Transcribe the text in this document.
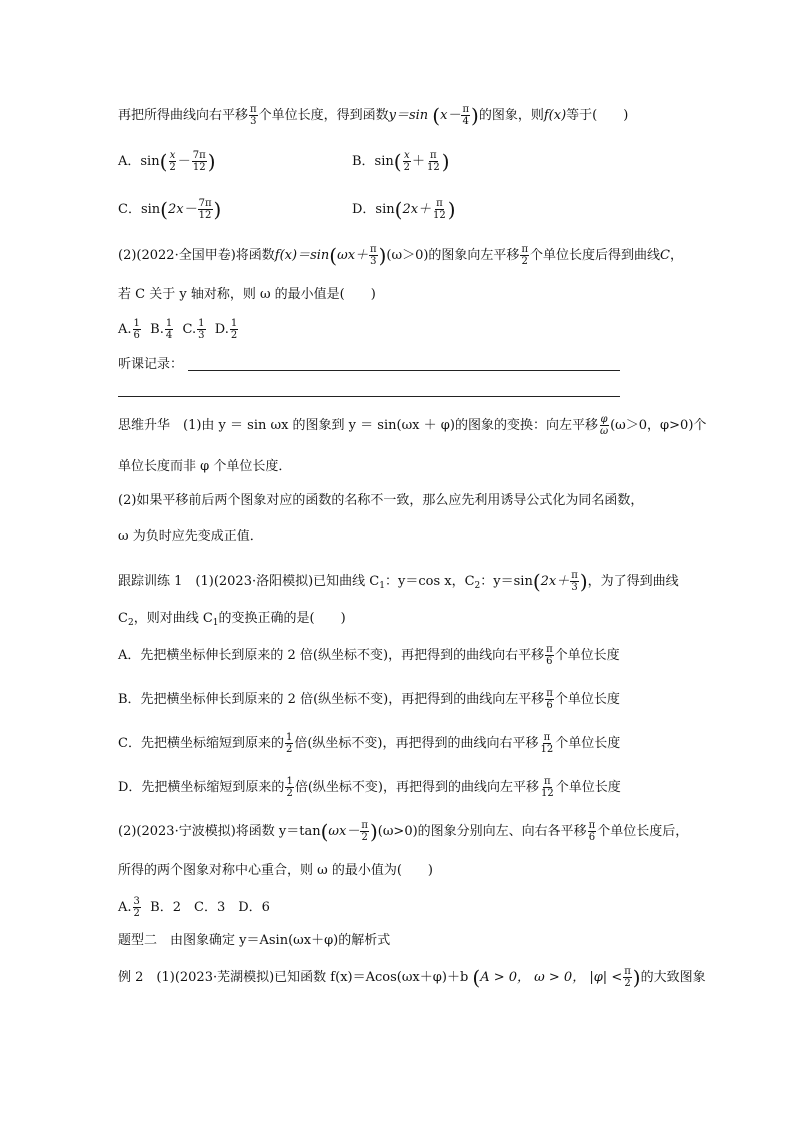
再把所得曲线向右平移 $\frac{\pi}{3}$ 个单位长度，得到函数y＝sin ($x- \frac{\pi}{4}$ )的图象，则f(x)等于(　　)
A．$\sin( \frac{x}{2} - \frac{7\pi}{12}$ )	B．$\sin( \frac{x}{2} + \frac{\pi}{12}$ )
C．$\sin(2x- \frac{7\pi}{12}$ )	D．$\sin(2x+ \frac{\pi}{12}$ )
(2)(2022·全国甲卷)将函数$f(x)=\sin(\omega x+ \frac{\pi}{3} )(\omega>0)$的图象向左平移 $\frac{\pi}{2}$ 个单位长度后得到曲线C，
若 C 关于 y 轴对称，则 ω 的最小值是(　　)
A. $\frac{1}{6} B$. $\frac{1}{4} C$. $\frac{1}{3} D$. $\frac{1}{2}$
听课记录：
思维升华　(1)由 y ＝ sin ωx 的图象到 y ＝ sin(ωx ＋ φ)的图象的变换：向左平移 $\frac{\varphi}{\omega} (\omega>0$，φ>0)个
单位长度而非 φ 个单位长度．
(2)如果平移前后两个图象对应的函数的名称不一致，那么应先利用诱导公式化为同名函数，
ω 为负时应先变成正值．
跟踪训练 1　(1)(2023·洛阳模拟)已知曲线 $C_1$：y＝cos x，$C_2$：$y=\sin(2x+ \frac{\pi}{3}$ )，为了得到曲线
$C_2$，则对曲线 $C_1$的变换正确的是(　　)
A．先把横坐标伸长到原来的 2 倍(纵坐标不变)，再把得到的曲线向右平移 $\frac{\pi}{6}$ 个单位长度
B．先把横坐标伸长到原来的 2 倍(纵坐标不变)，再把得到的曲线向左平移 $\frac{\pi}{6}$ 个单位长度
C．先把横坐标缩短到原来的 $\frac{1}{2}$ 倍(纵坐标不变)，再把得到的曲线向右平移 $\frac{\pi}{12}$ 个单位长度
D．先把横坐标缩短到原来的 $\frac{1}{2}$ 倍(纵坐标不变)，再把得到的曲线向左平移 $\frac{\pi}{12}$ 个单位长度
(2)(2023·宁波模拟)将函数 $y=\tan(\omega x- \frac{\pi}{2} )(\omega>0)$的图象分别向左、向右各平移 $\frac{\pi}{6}$ 个单位长度后，
所得的两个图象对称中心重合，则 ω 的最小值为(　　)
A. $\frac{3}{2}$ B．2　C．3　D．6
题型二　由图象确定 y＝Asin(ωx＋φ)的解析式
例 2　(1)(2023·芜湖模拟)已知函数 f(x)＝Acos(ωx＋φ)＋b (A > 0， ω > 0， $|\varphi| < \frac{\pi}{2}$ )的大致图象
